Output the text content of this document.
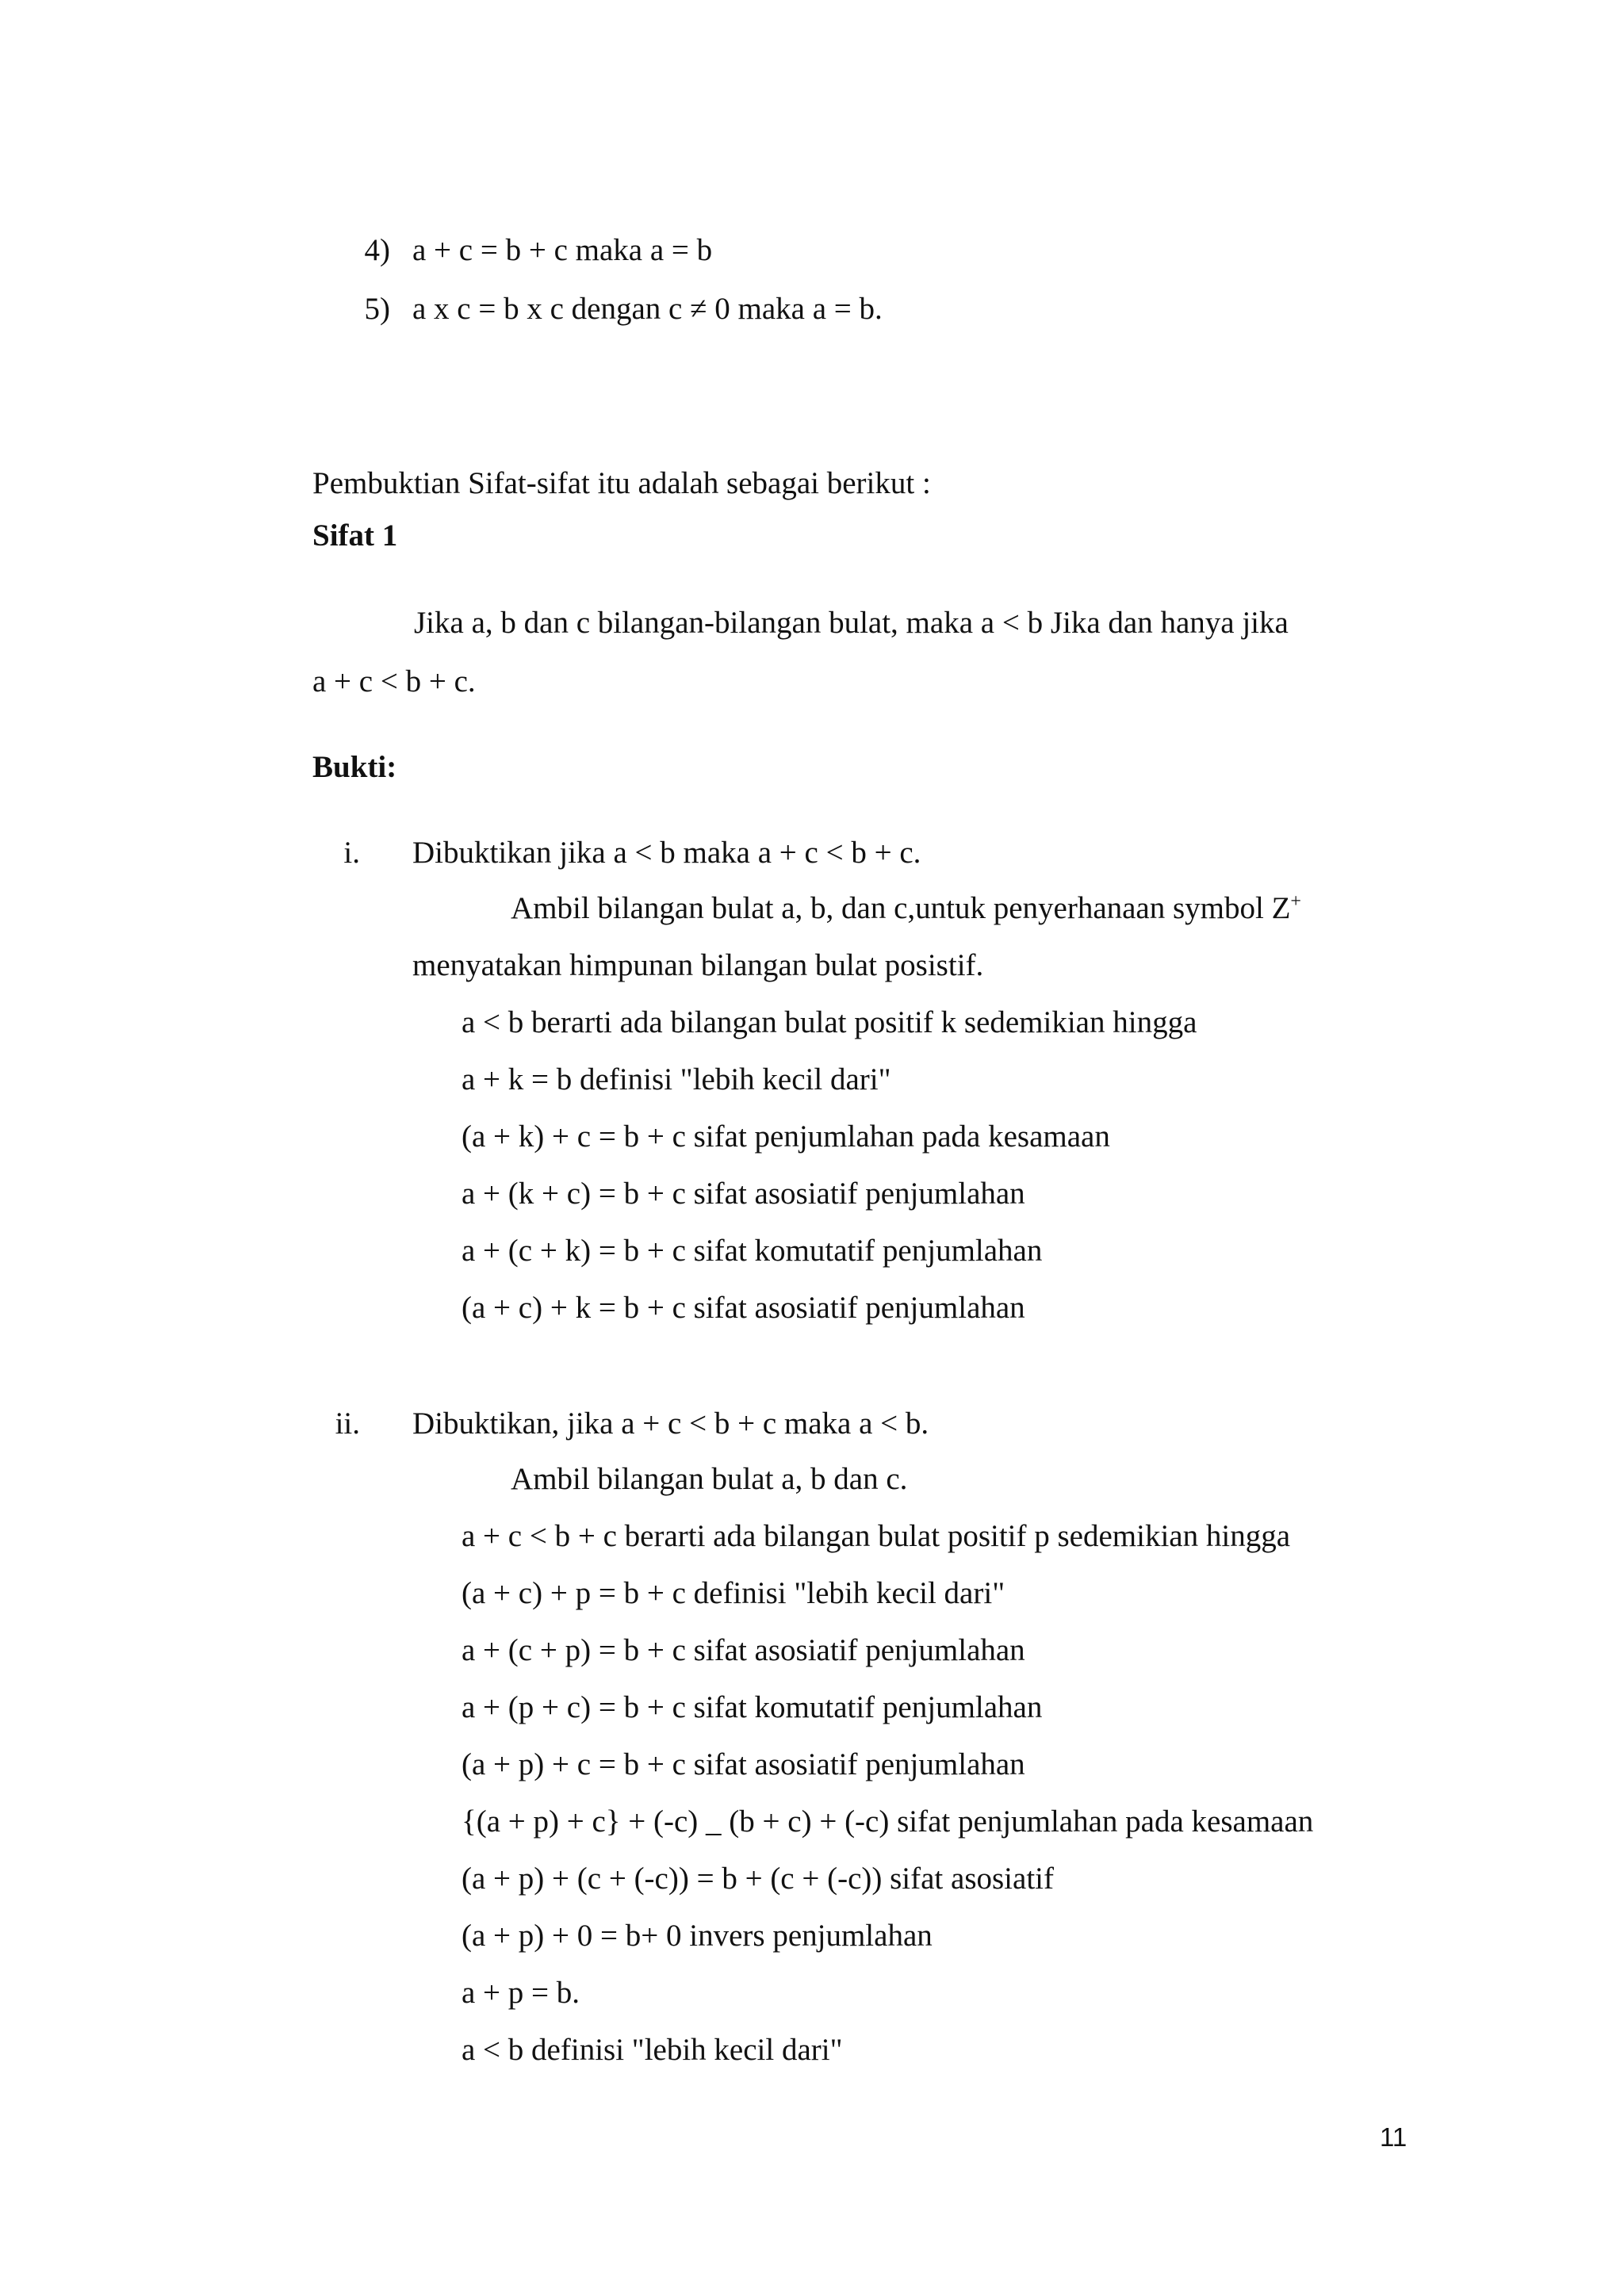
4) a + c = b + c maka a = b
5) a x c = b x c dengan c ≠ 0 maka a = b.
Pembuktian Sifat-sifat itu adalah sebagai berikut :
Sifat 1
Jika a, b dan c bilangan-bilangan bulat, maka a < b Jika dan hanya jika
a + c < b + c.
Bukti:
i. Dibuktikan jika a < b maka a + c < b + c.
Ambil bilangan bulat a, b, dan c,untuk penyerhanaan symbol Z+
menyatakan himpunan bilangan bulat posistif.
a < b berarti ada bilangan bulat positif k sedemikian hingga
a + k = b definisi "lebih kecil dari"
(a + k) + c = b + c sifat penjumlahan pada kesamaan
a + (k + c) = b + c sifat asosiatif penjumlahan
a + (c + k) = b + c sifat komutatif penjumlahan
(a + c) + k = b + c sifat asosiatif penjumlahan
ii. Dibuktikan, jika a + c < b + c maka a < b.
Ambil bilangan bulat a, b dan c.
a + c < b + c berarti ada bilangan bulat positif p sedemikian hingga
(a + c) + p = b + c definisi "lebih kecil dari"
a + (c + p) = b + c sifat asosiatif penjumlahan
a + (p + c) = b + c sifat komutatif penjumlahan
(a + p) + c = b + c sifat asosiatif penjumlahan
{(a + p) + c} + (-c) _ (b + c) + (-c) sifat penjumlahan pada kesamaan
(a + p) + (c + (-c)) = b + (c + (-c)) sifat asosiatif
(a + p) + 0 = b+ 0 invers penjumlahan
a + p = b.
a < b definisi "lebih kecil dari"
11
